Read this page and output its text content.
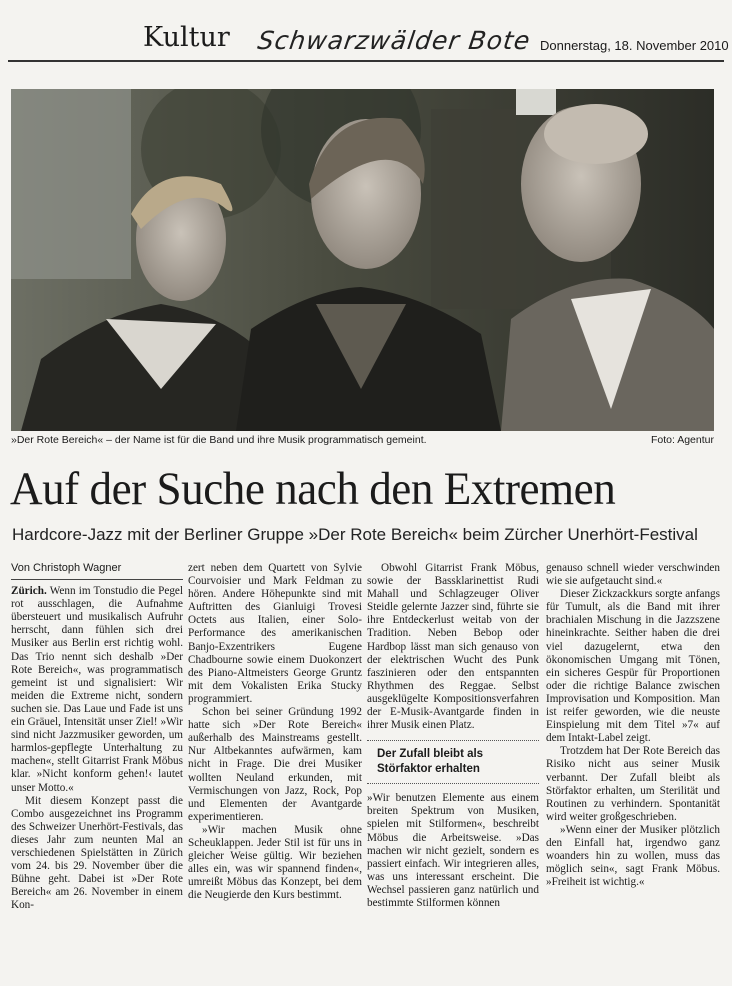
Kultur Schwarzwälder Bote Donnerstag, 18. November 2010
»Der Rote Bereich« – der Name ist für die Band und ihre Musik programmatisch gemeint.	Foto: Agentur
Auf der Suche nach den Extremen
Hardcore-Jazz mit der Berliner Gruppe »Der Rote Bereich« beim Zürcher Unerhört-Festival
Von Christoph Wagner

Zürich. Wenn im Tonstudio die Pegel rot ausschlagen, die Aufnahme übersteuert und musikalisch Aufruhr herrscht, dann fühlen sich drei Musiker aus Berlin erst richtig wohl. Das Trio nennt sich deshalb »Der Rote Bereich«, was programmatisch gemeint ist und signalisiert: Wir meiden die Extreme nicht, sondern suchen sie. Das Laue und Fade ist uns ein Gräuel, Intensität unser Ziel! »Wir sind nicht Jazzmusiker geworden, um harmlos-gepflegte Unterhaltung zu machen«, stellt Gitarrist Frank Möbus klar. »Nicht konform gehen!‹ lautet unser Motto.«

Mit diesem Konzept passt die Combo ausgezeichnet ins Programm des Schweizer Unerhört-Festivals, das dieses Jahr zum neunten Mal an verschiedenen Spielstätten in Zürich vom 24. bis 29. November über die Bühne geht. Dabei ist »Der Rote Bereich« am 26. November in einem Kon-

zert neben dem Quartett von Sylvie Courvoisier und Mark Feldman zu hören. Andere Höhepunkte sind mit Auftritten des Gianluigi Trovesi Octets aus Italien, einer Solo-Performance des amerikanischen Banjo-Exzentrikers Eugene Chadbourne sowie einem Duokonzert des Piano-Altmeisters George Gruntz mit dem Vokalisten Erika Stucky programmiert.

Schon bei seiner Gründung 1992 hatte sich »Der Rote Bereich« außerhalb des Mainstreams gestellt. Nur Altbekanntes aufwärmen, kam nicht in Frage. Die drei Musiker wollten Neuland erkunden, mit Vermischungen von Jazz, Rock, Pop und Elementen der Avantgarde experimentieren.

»Wir machen Musik ohne Scheuklappen. Jeder Stil ist für uns in gleicher Weise gültig. Wir beziehen alles ein, was wir spannend finden«, umreißt Möbus das Konzept, bei dem die Neugierde den Kurs bestimmt.

Obwohl Gitarrist Frank Möbus, sowie der Bassklarinettist Rudi Mahall und Schlagzeuger Oliver Steidle gelernte Jazzer sind, führte sie ihre Entdeckerlust weitab von der Tradition. Neben Bebop oder Hardbop lässt man sich genauso von der elektrischen Wucht des Punk faszinieren oder den entspannten Rhythmen des Reggae. Selbst ausgeklügelte Kompositionsverfahren der E-Musik-Avantgarde finden in ihrer Musik einen Platz.

Der Zufall bleibt als
Störfaktor erhalten

»Wir benutzen Elemente aus einem breiten Spektrum von Musiken, spielen mit Stilformen«, beschreibt Möbus die Arbeitsweise. »Das machen wir nicht gezielt, sondern es passiert einfach. Wir integrieren alles, was uns interessant erscheint. Die Wechsel passieren ganz natürlich und bestimmte Stilformen können

genauso schnell wieder verschwinden wie sie aufgetaucht sind.«

Dieser Zickzackkurs sorgte anfangs für Tumult, als die Band mit ihrer brachialen Mischung in die Jazzszene hineinkrachte. Seither haben die drei viel dazugelernt, etwa den ökonomischen Umgang mit Tönen, ein sicheres Gespür für Proportionen oder die richtige Balance zwischen Improvisation und Komposition. Man ist reifer geworden, wie die neuste Einspielung mit dem Titel »7« auf dem Intakt-Label zeigt.

Trotzdem hat Der Rote Bereich das Risiko nicht aus seiner Musik verbannt. Der Zufall bleibt als Störfaktor erhalten, um Sterilität und Routinen zu verhindern. Spontanität wird weiter großgeschrieben.

»Wenn einer der Musiker plötzlich den Einfall hat, irgendwo ganz woanders hin zu wollen, muss das möglich sein«, sagt Frank Möbus. »Freiheit ist wichtig.«
